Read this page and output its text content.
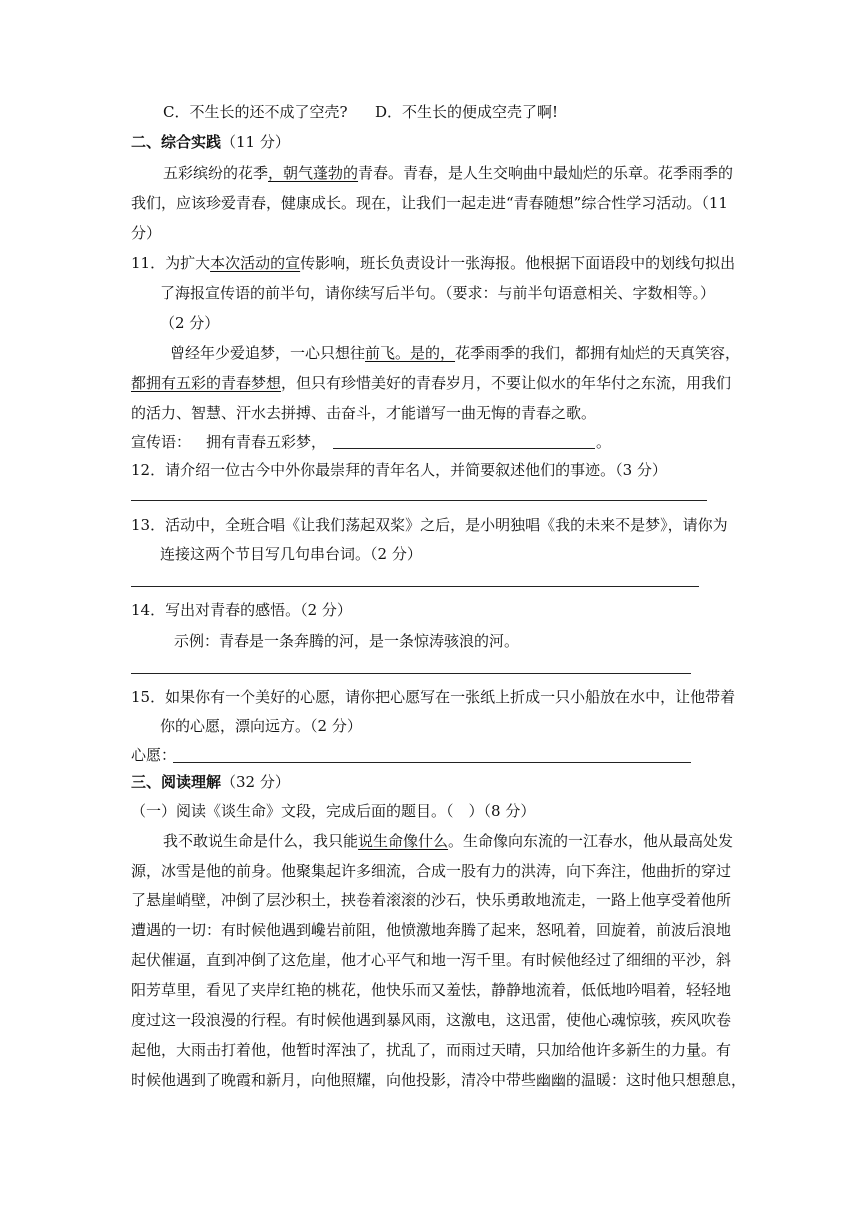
C．不生长的还不成了空壳? D．不生长的便成空壳了啊!
二、综合实践（11 分）
五彩缤纷的花季，朝气蓬勃的青春。青春，是人生交响曲中最灿烂的乐章。花季雨季的
我们，应该珍爱青春，健康成长。现在，让我们一起走进“青春随想”综合性学习活动。（11
分）
11．为扩大本次活动的宣传影响，班长负责设计一张海报。他根据下面语段中的划线句拟出
了海报宣传语的前半句，请你续写后半句。（要求：与前半句语意相关、字数相等。）
（2 分）
曾经年少爱追梦，一心只想往前飞。是的，花季雨季的我们，都拥有灿烂的天真笑容，
都拥有五彩的青春梦想，但只有珍惜美好的青春岁月，不要让似水的年华付之东流，用我们
的活力、智慧、汗水去拼搏、击奋斗，才能谱写一曲无悔的青春之歌。
宣传语： 拥有青春五彩梦，	。
12．请介绍一位古今中外你最崇拜的青年名人，并简要叙述他们的事迹。（3 分）
13．活动中，全班合唱《让我们荡起双桨》之后，是小明独唱《我的未来不是梦》，请你为
连接这两个节目写几句串台词。（2 分）
14．写出对青春的感悟。（2 分）
示例：青春是一条奔腾的河，是一条惊涛骇浪的河。
15．如果你有一个美好的心愿，请你把心愿写在一张纸上折成一只小船放在水中，让他带着
你的心愿，漂向远方。（2 分）
心愿：
三、阅读理解（32 分）
（一）阅读《谈生命》文段，完成后面的题目。（　）（8 分）
我不敢说生命是什么，我只能说生命像什么。生命像向东流的一江春水，他从最高处发
源，冰雪是他的前身。他聚集起许多细流，合成一股有力的洪涛，向下奔注，他曲折的穿过
了悬崖峭壁，冲倒了层沙积土，挟卷着滚滚的沙石，快乐勇敢地流走，一路上他享受着他所
遭遇的一切：有时候他遇到巉岩前阻，他愤激地奔腾了起来，怒吼着，回旋着，前波后浪地
起伏催逼，直到冲倒了这危崖，他才心平气和地一泻千里。有时候他经过了细细的平沙，斜
阳芳草里，看见了夹岸红艳的桃花，他快乐而又羞怯，静静地流着，低低地吟唱着，轻轻地
度过这一段浪漫的行程。有时候他遇到暴风雨，这激电，这迅雷，使他心魂惊骇，疾风吹卷
起他，大雨击打着他，他暂时浑浊了，扰乱了，而雨过天晴，只加给他许多新生的力量。有
时候他遇到了晚霞和新月，向他照耀，向他投影，清冷中带些幽幽的温暖：这时他只想憩息，
